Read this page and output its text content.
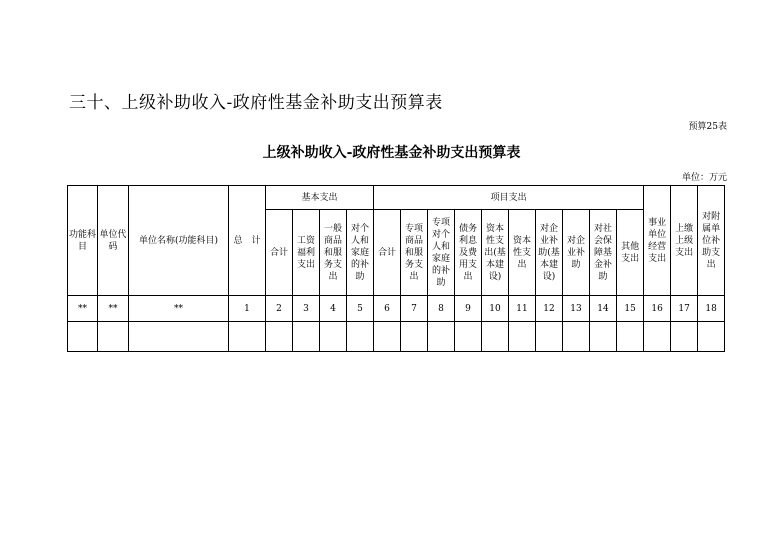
三十、上级补助收入-政府性基金补助支出预算表
预算25表
上级补助收入-政府性基金补助支出预算表
单位：万元
功能科目	单位代码	单位名称(功能科目)	总　计	基本支出				项目支出										事业单位经营支出	上缴上级支出	对附属单位补助支出
				合计	工资福利支出	一般商品和服务支出	对个人和家庭的补助	合计	专项商品和服务支出	专项对个人和家庭的补助	债务利息及费用支出	资本性支出(基本建设)	资本性支出	对企业补助(基本建设)	对企业补助	对社会保障基金补助	其他支出			
**	**	**	1	2	3	4	5	6	7	8	9	10	11	12	13	14	15	16	17	18
